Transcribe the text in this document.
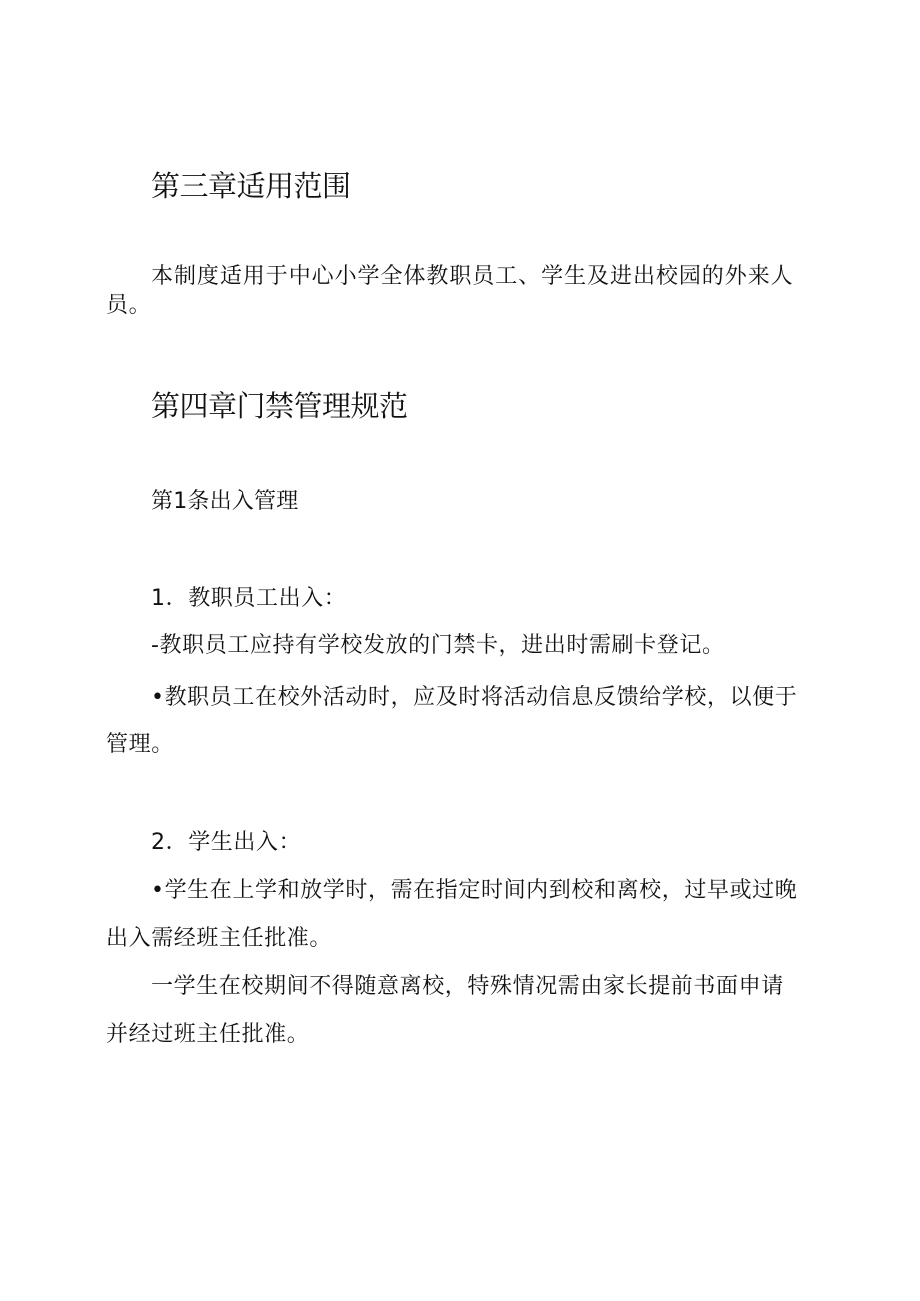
第三章适用范围

本制度适用于中心小学全体教职员工、学生及进出校园的外来人

员。

第四章门禁管理规范

第1条出入管理

1．教职员工出入：

-教职员工应持有学校发放的门禁卡，进出时需刷卡登记。

•教职员工在校外活动时，应及时将活动信息反馈给学校，以便于

管理。

2．学生出入：

•学生在上学和放学时，需在指定时间内到校和离校，过早或过晚

出入需经班主任批准。

一学生在校期间不得随意离校，特殊情况需由家长提前书面申请

并经过班主任批准。
